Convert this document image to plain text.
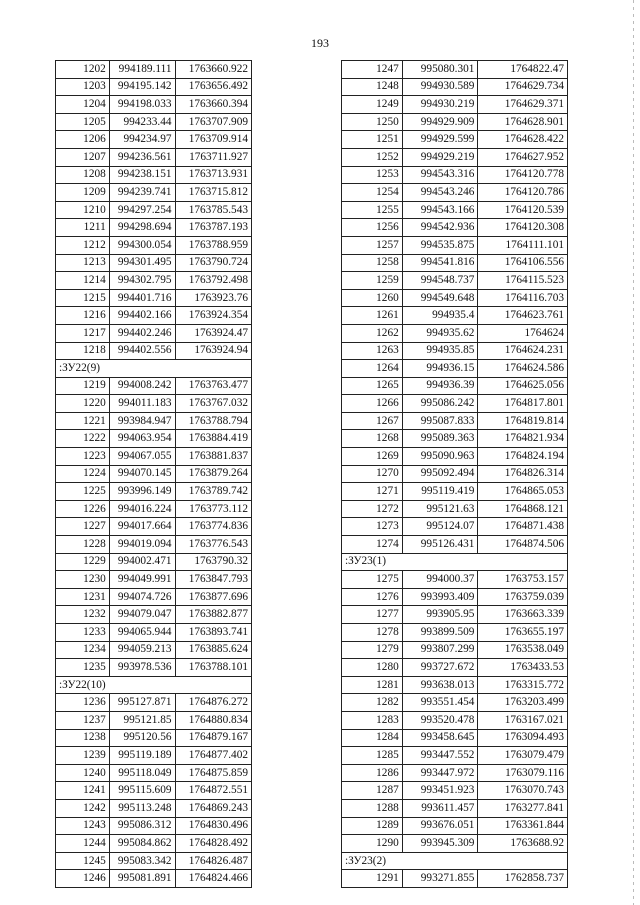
193
1202	994189.111	1763660.922
1203	994195.142	1763656.492
1204	994198.033	1763660.394
1205	994233.44	1763707.909
1206	994234.97	1763709.914
1207	994236.561	1763711.927
1208	994238.151	1763713.931
1209	994239.741	1763715.812
1210	994297.254	1763785.543
1211	994298.694	1763787.193
1212	994300.054	1763788.959
1213	994301.495	1763790.724
1214	994302.795	1763792.498
1215	994401.716	1763923.76
1216	994402.166	1763924.354
1217	994402.246	1763924.47
1218	994402.556	1763924.94
:ЗУ22(9)		
1219	994008.242	1763763.477
1220	994011.183	1763767.032
1221	993984.947	1763788.794
1222	994063.954	1763884.419
1223	994067.055	1763881.837
1224	994070.145	1763879.264
1225	993996.149	1763789.742
1226	994016.224	1763773.112
1227	994017.664	1763774.836
1228	994019.094	1763776.543
1229	994002.471	1763790.32
1230	994049.991	1763847.793
1231	994074.726	1763877.696
1232	994079.047	1763882.877
1233	994065.944	1763893.741
1234	994059.213	1763885.624
1235	993978.536	1763788.101
:ЗУ22(10)		
1236	995127.871	1764876.272
1237	995121.85	1764880.834
1238	995120.56	1764879.167
1239	995119.189	1764877.402
1240	995118.049	1764875.859
1241	995115.609	1764872.551
1242	995113.248	1764869.243
1243	995086.312	1764830.496
1244	995084.862	1764828.492
1245	995083.342	1764826.487
1246	995081.891	1764824.466
1247	995080.301	1764822.47
1248	994930.589	1764629.734
1249	994930.219	1764629.371
1250	994929.909	1764628.901
1251	994929.599	1764628.422
1252	994929.219	1764627.952
1253	994543.316	1764120.778
1254	994543.246	1764120.786
1255	994543.166	1764120.539
1256	994542.936	1764120.308
1257	994535.875	1764111.101
1258	994541.816	1764106.556
1259	994548.737	1764115.523
1260	994549.648	1764116.703
1261	994935.4	1764623.761
1262	994935.62	1764624
1263	994935.85	1764624.231
1264	994936.15	1764624.586
1265	994936.39	1764625.056
1266	995086.242	1764817.801
1267	995087.833	1764819.814
1268	995089.363	1764821.934
1269	995090.963	1764824.194
1270	995092.494	1764826.314
1271	995119.419	1764865.053
1272	995121.63	1764868.121
1273	995124.07	1764871.438
1274	995126.431	1764874.506
:ЗУ23(1)		
1275	994000.37	1763753.157
1276	993993.409	1763759.039
1277	993905.95	1763663.339
1278	993899.509	1763655.197
1279	993807.299	1763538.049
1280	993727.672	1763433.53
1281	993638.013	1763315.772
1282	993551.454	1763203.499
1283	993520.478	1763167.021
1284	993458.645	1763094.493
1285	993447.552	1763079.479
1286	993447.972	1763079.116
1287	993451.923	1763070.743
1288	993611.457	1763277.841
1289	993676.051	1763361.844
1290	993945.309	1763688.92
:ЗУ23(2)		
1291	993271.855	1762858.737
